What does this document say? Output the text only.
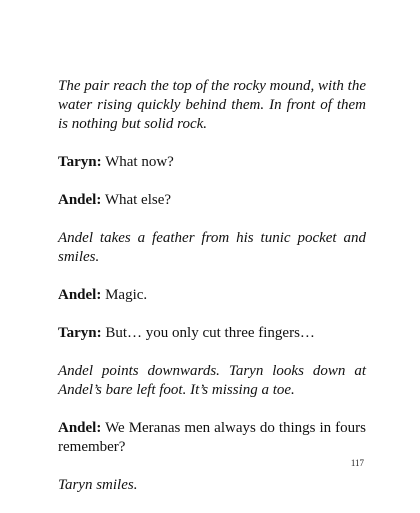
The pair reach the top of the rocky mound, with the water rising quickly behind them. In front of them is nothing but solid rock.

Taryn: What now?

Andel: What else?

Andel takes a feather from his tunic pocket and smiles.

Andel: Magic.

Taryn: But… you only cut three fingers…

Andel points downwards. Taryn looks down at Andel’s bare left foot. It’s missing a toe.

Andel: We Meranas men always do things in fours remember?

Taryn smiles.

117
